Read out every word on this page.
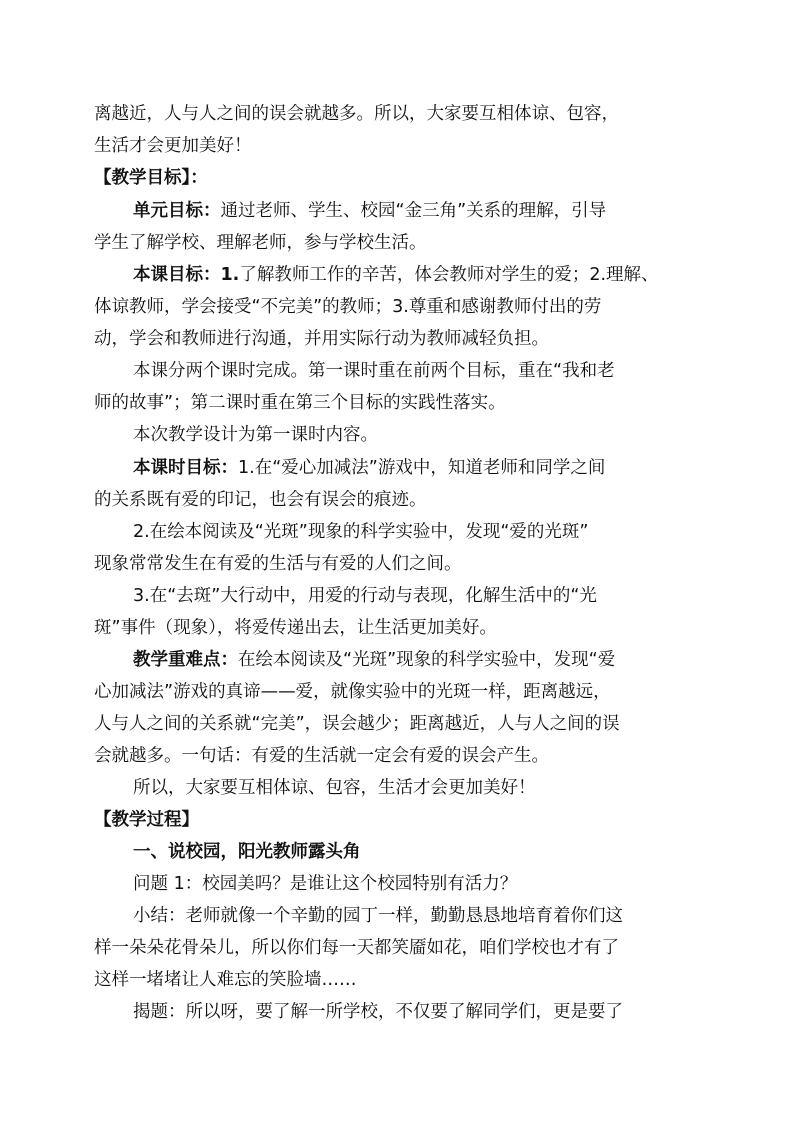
离越近，人与人之间的误会就越多。所以，大家要互相体谅、包容，
生活才会更加美好！
【教学目标】：
单元目标：通过老师、学生、校园“金三角”关系的理解，引导
学生了解学校、理解老师，参与学校生活。
本课目标：1.了解教师工作的辛苦，体会教师对学生的爱；2.理解、
体谅教师，学会接受“不完美”的教师；3.尊重和感谢教师付出的劳
动，学会和教师进行沟通，并用实际行动为教师减轻负担。
本课分两个课时完成。第一课时重在前两个目标，重在“我和老
师的故事”；第二课时重在第三个目标的实践性落实。
本次教学设计为第一课时内容。
本课时目标：1.在“爱心加减法”游戏中，知道老师和同学之间
的关系既有爱的印记，也会有误会的痕迹。
2.在绘本阅读及“光斑”现象的科学实验中，发现“爱的光斑”
现象常常发生在有爱的生活与有爱的人们之间。
3.在“去斑”大行动中，用爱的行动与表现，化解生活中的“光
斑”事件（现象），将爱传递出去，让生活更加美好。
教学重难点：在绘本阅读及“光斑”现象的科学实验中，发现“爱
心加减法”游戏的真谛——爱，就像实验中的光斑一样，距离越远，
人与人之间的关系就“完美”，误会越少；距离越近，人与人之间的误
会就越多。一句话：有爱的生活就一定会有爱的误会产生。
所以，大家要互相体谅、包容，生活才会更加美好！
【教学过程】
一、说校园，阳光教师露头角
问题 1：校园美吗？是谁让这个校园特别有活力？
小结：老师就像一个辛勤的园丁一样，勤勤恳恳地培育着你们这
样一朵朵花骨朵儿，所以你们每一天都笑靥如花，咱们学校也才有了
这样一堵堵让人难忘的笑脸墙……
揭题：所以呀，要了解一所学校，不仅要了解同学们，更是要了
